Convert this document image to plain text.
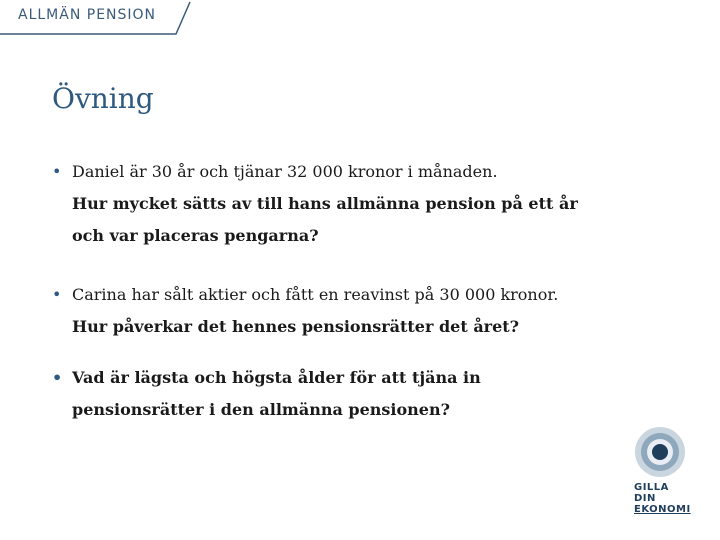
ALLMÄN PENSION
Övning
• Daniel är 30 år och tjänar 32 000 kronor i månaden.
Hur mycket sätts av till hans allmänna pension på ett år
och var placeras pengarna?
• Carina har sålt aktier och fått en reavinst på 30 000 kronor.
Hur påverkar det hennes pensionsrätter det året?
• Vad är lägsta och högsta ålder för att tjäna in
pensionsrätter i den allmänna pensionen?
GILLA DIN
EKONOMI
